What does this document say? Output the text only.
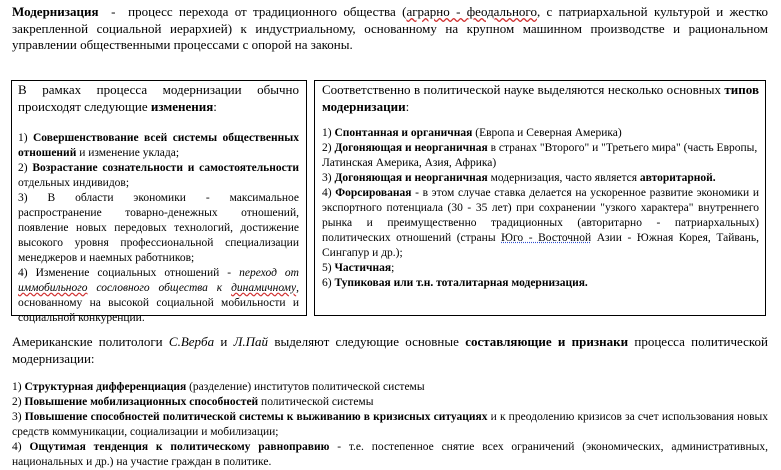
Модернизация  -  процесс перехода от традиционного общества (аграрно - феодального, с патриархальной культурой и жестко закрепленной социальной иерархией) к индустриальному, основанному на крупном машинном производстве и рациональном управлении общественными процессами с опорой на законы.
В рамках процесса модернизации обычно происходят следующие изменения:
1) Совершенствование всей системы общественных отношений и изменение уклада;
2) Возрастание сознательности и самостоятельности отдельных индивидов;
3) В области экономики - максимальное распространение товарно-денежных отношений, появление новых передовых технологий, достижение высокого уровня профессиональной специализации менеджеров и наемных работников;
4) Изменение социальных отношений - переход от иммобильного сословного общества к динамичному, основанному на высокой социальной мобильности и социальной конкуренции.
Соответственно в политической науке выделяются несколько основных типов модернизации:
1) Спонтанная и органичная (Европа и Северная Америка)
2) Догоняющая и неорганичная в странах "Второго" и "Третьего мира" (часть Европы, Латинская Америка, Азия, Африка)
3) Догоняющая и неорганичная модернизация, часто является авторитарной.
4) Форсированая - в этом случае ставка делается на ускоренное развитие экономики и экспортного потенциала (30 - 35 лет) при сохранении "узкого характера" внутреннего рынка и преимущественно традиционных (авторитарно - патриархальных) политических отношений (страны Юго - Восточной Азии - Южная Корея, Тайвань, Сингапур и др.);
5) Частичная;
6) Тупиковая или т.н. тоталитарная модернизация.
Американские политологи С.Верба и Л.Пай выделяют следующие основные составляющие и признаки процесса политической модернизации:
1) Структурная дифференциация (разделение) институтов политической системы
2) Повышение мобилизационных способностей политической системы
3) Повышение способностей политической системы к выживанию в кризисных ситуациях и к преодолению кризисов за счет использования новых средств коммуникации, социализации и мобилизации;
4) Ощутимая тенденция к политическому равноправию - т.е. постепенное снятие всех ограничений (экономических, административных, национальных и др.) на участие граждан в политике.
